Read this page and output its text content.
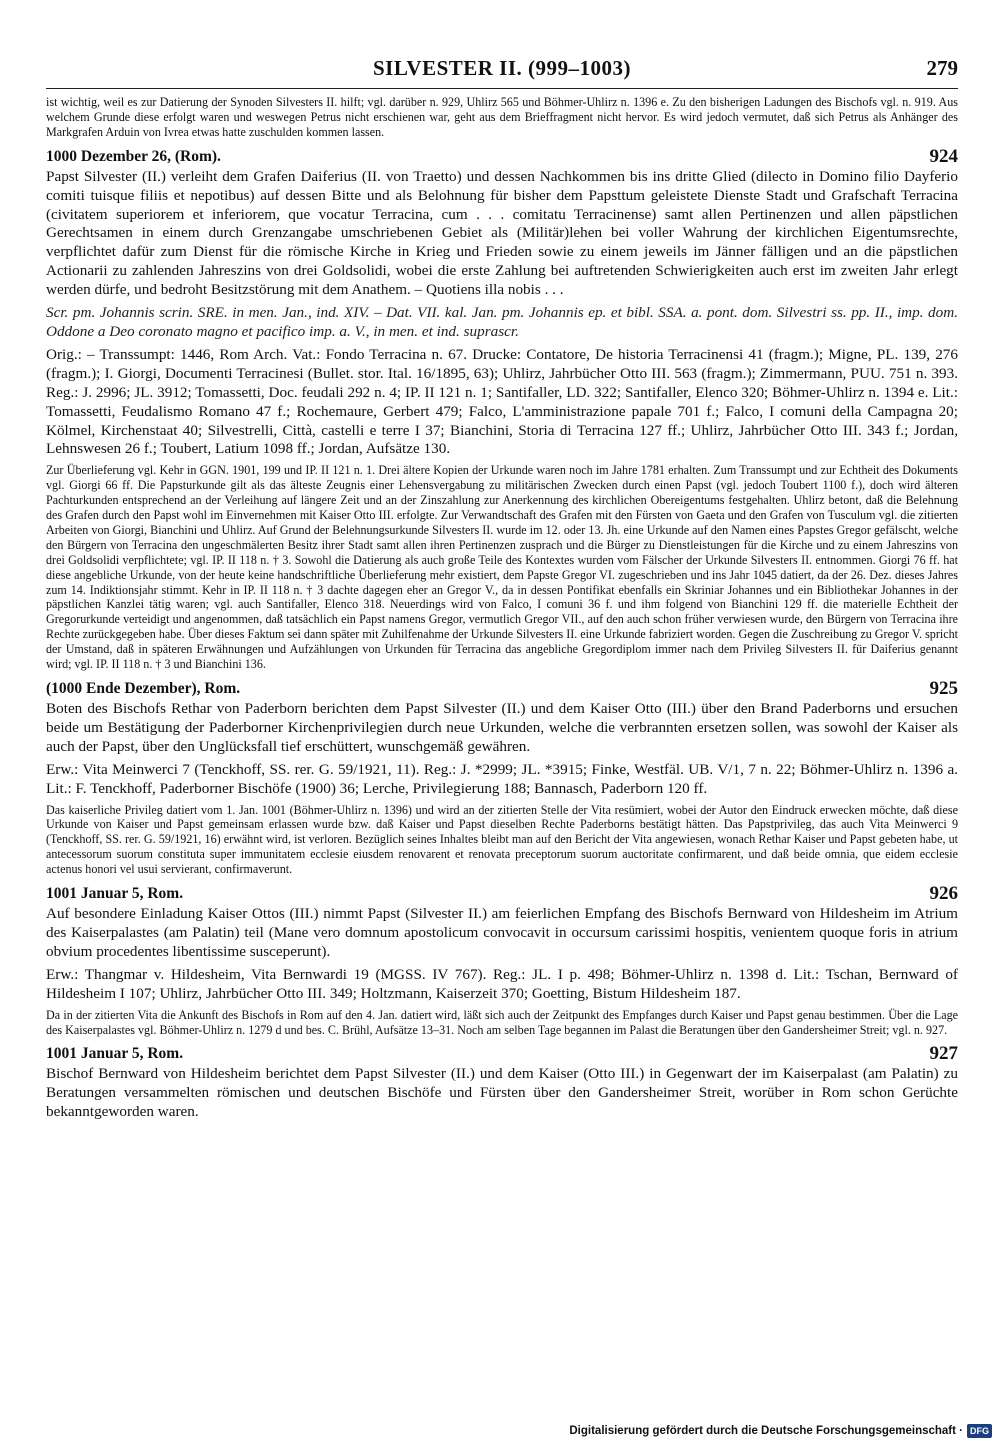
SILVESTER II. (999–1003)	279

ist wichtig, weil es zur Datierung der Synoden Silvesters II. hilft; vgl. darüber n. 929, Uhlirz 565 und Böhmer-Uhlirz n. 1396 e. Zu den bisherigen Ladungen des Bischofs vgl. n. 919. Aus welchem Grunde diese erfolgt waren und weswegen Petrus nicht erschienen war, geht aus dem Brieffragment nicht hervor. Es wird jedoch vermutet, daß sich Petrus als Anhänger des Markgrafen Arduin von Ivrea etwas hatte zuschulden kommen lassen.

1000 Dezember 26, (Rom).	924

Papst Silvester (II.) verleiht dem Grafen Daiferius (II. von Traetto) und dessen Nachkommen bis ins dritte Glied (dilecto in Domino filio Dayferio comiti tuisque filiis et nepotibus) auf dessen Bitte und als Belohnung für bisher dem Papsttum geleistete Dienste Stadt und Grafschaft Terracina (civitatem superiorem et inferiorem, que vocatur Terracina, cum . . . comitatu Terracinense) samt allen Pertinenzen und allen päpstlichen Gerechtsamen in einem durch Grenzangabe umschriebenen Gebiet als (Militär)lehen bei voller Wahrung der kirchlichen Eigentumsrechte, verpflichtet dafür zum Dienst für die römische Kirche in Krieg und Frieden sowie zu einem jeweils im Jänner fälligen und an die päpstlichen Actionarii zu zahlenden Jahreszins von drei Goldsolidi, wobei die erste Zahlung bei auftretenden Schwierigkeiten auch erst im zweiten Jahr erlegt werden dürfe, und bedroht Besitzstörung mit dem Anathem. – Quotiens illa nobis . . .

Scr. pm. Johannis scrin. SRE. in men. Jan., ind. XIV. – Dat. VII. kal. Jan. pm. Johannis ep. et bibl. SSA. a. pont. dom. Silvestri ss. pp. II., imp. dom. Oddone a Deo coronato magno et pacifico imp. a. V., in men. et ind. suprascr.

Orig.: – Transsumpt: 1446, Rom Arch. Vat.: Fondo Terracina n. 67. Drucke: Contatore, De historia Terracinensi 41 (fragm.); Migne, PL. 139, 276 (fragm.); I. Giorgi, Documenti Terracinesi (Bullet. stor. Ital. 16/1895, 63); Uhlirz, Jahrbücher Otto III. 563 (fragm.); Zimmermann, PUU. 751 n. 393. Reg.: J. 2996; JL. 3912; Tomassetti, Doc. feudali 292 n. 4; IP. II 121 n. 1; Santifaller, LD. 322; Santifaller, Elenco 320; Böhmer-Uhlirz n. 1394 e. Lit.: Tomassetti, Feudalismo Romano 47 f.; Rochemaure, Gerbert 479; Falco, L'amministrazione papale 701 f.; Falco, I comuni della Campagna 20; Kölmel, Kirchenstaat 40; Silvestrelli, Città, castelli e terre I 37; Bianchini, Storia di Terracina 127 ff.; Uhlirz, Jahrbücher Otto III. 343 f.; Jordan, Lehnswesen 26 f.; Toubert, Latium 1098 ff.; Jordan, Aufsätze 130.

Zur Überlieferung vgl. Kehr in GGN. 1901, 199 und IP. II 121 n. 1. Drei ältere Kopien der Urkunde waren noch im Jahre 1781 erhalten. Zum Transsumpt und zur Echtheit des Dokuments vgl. Giorgi 66 ff. Die Papsturkunde gilt als das älteste Zeugnis einer Lehensvergabung zu militärischen Zwecken durch einen Papst (vgl. jedoch Toubert 1100 f.), doch wird älteren Pachturkunden entsprechend an der Verleihung auf längere Zeit und an der Zinszahlung zur Anerkennung des kirchlichen Obereigentums festgehalten. Uhlirz betont, daß die Belehnung des Grafen durch den Papst wohl im Einvernehmen mit Kaiser Otto III. erfolgte. Zur Verwandtschaft des Grafen mit den Fürsten von Gaeta und den Grafen von Tusculum vgl. die zitierten Arbeiten von Giorgi, Bianchini und Uhlirz. Auf Grund der Belehnungsurkunde Silvesters II. wurde im 12. oder 13. Jh. eine Urkunde auf den Namen eines Papstes Gregor gefälscht, welche den Bürgern von Terracina den ungeschmälerten Besitz ihrer Stadt samt allen ihren Pertinenzen zusprach und die Bürger zu Dienstleistungen für die Kirche und zu einem Jahreszins von drei Goldsolidi verpflichtete; vgl. IP. II 118 n. † 3. Sowohl die Datierung als auch große Teile des Kontextes wurden vom Fälscher der Urkunde Silvesters II. entnommen. Giorgi 76 ff. hat diese angebliche Urkunde, von der heute keine handschriftliche Überlieferung mehr existiert, dem Papste Gregor VI. zugeschrieben und ins Jahr 1045 datiert, da der 26. Dez. dieses Jahres zum 14. Indiktionsjahr stimmt. Kehr in IP. II 118 n. † 3 dachte dagegen eher an Gregor V., da in dessen Pontifikat ebenfalls ein Skriniar Johannes und ein Bibliothekar Johannes in der päpstlichen Kanzlei tätig waren; vgl. auch Santifaller, Elenco 318. Neuerdings wird von Falco, I comuni 36 f. und ihm folgend von Bianchini 129 ff. die materielle Echtheit der Gregorurkunde verteidigt und angenommen, daß tatsächlich ein Papst namens Gregor, vermutlich Gregor VII., auf den auch schon früher verwiesen wurde, den Bürgern von Terracina ihre Rechte zurückgegeben habe. Über dieses Faktum sei dann später mit Zuhilfenahme der Urkunde Silvesters II. eine Urkunde fabriziert worden. Gegen die Zuschreibung zu Gregor V. spricht der Umstand, daß in späteren Erwähnungen und Aufzählungen von Urkunden für Terracina das angebliche Gregordiplom immer nach dem Privileg Silvesters II. für Daiferius genannt wird; vgl. IP. II 118 n. † 3 und Bianchini 136.

(1000 Ende Dezember), Rom.	925

Boten des Bischofs Rethar von Paderborn berichten dem Papst Silvester (II.) und dem Kaiser Otto (III.) über den Brand Paderborns und ersuchen beide um Bestätigung der Paderborner Kirchenprivilegien durch neue Urkunden, welche die verbrannten ersetzen sollen, was sowohl der Kaiser als auch der Papst, über den Unglücksfall tief erschüttert, wunschgemäß gewähren.

Erw.: Vita Meinwerci 7 (Tenckhoff, SS. rer. G. 59/1921, 11). Reg.: J. *2999; JL. *3915; Finke, Westfäl. UB. V/1, 7 n. 22; Böhmer-Uhlirz n. 1396 a. Lit.: F. Tenckhoff, Paderborner Bischöfe (1900) 36; Lerche, Privilegierung 188; Bannasch, Paderborn 120 ff.

Das kaiserliche Privileg datiert vom 1. Jan. 1001 (Böhmer-Uhlirz n. 1396) und wird an der zitierten Stelle der Vita resümiert, wobei der Autor den Eindruck erwecken möchte, daß diese Urkunde von Kaiser und Papst gemeinsam erlassen wurde bzw. daß Kaiser und Papst dieselben Rechte Paderborns bestätigt hätten. Das Papstprivileg, das auch Vita Meinwerci 9 (Tenckhoff, SS. rer. G. 59/1921, 16) erwähnt wird, ist verloren. Bezüglich seines Inhaltes bleibt man auf den Bericht der Vita angewiesen, wonach Rethar Kaiser und Papst gebeten habe, ut antecessorum suorum constituta super immunitatem ecclesie eiusdem renovarent et renovata preceptorum suorum auctoritate confirmarent, und daß beide omnia, que eidem ecclesie actenus honori vel usui servierant, confirmaverunt.

1001 Januar 5, Rom.	926

Auf besondere Einladung Kaiser Ottos (III.) nimmt Papst (Silvester II.) am feierlichen Empfang des Bischofs Bernward von Hildesheim im Atrium des Kaiserpalastes (am Palatin) teil (Mane vero domnum apostolicum convocavit in occursum carissimi hospitis, venientem quoque foris in atrium obvium procedentes libentissime susceperunt).

Erw.: Thangmar v. Hildesheim, Vita Bernwardi 19 (MGSS. IV 767). Reg.: JL. I p. 498; Böhmer-Uhlirz n. 1398 d. Lit.: Tschan, Bernward of Hildesheim I 107; Uhlirz, Jahrbücher Otto III. 349; Holtzmann, Kaiserzeit 370; Goetting, Bistum Hildesheim 187.

Da in der zitierten Vita die Ankunft des Bischofs in Rom auf den 4. Jan. datiert wird, läßt sich auch der Zeitpunkt des Empfanges durch Kaiser und Papst genau bestimmen. Über die Lage des Kaiserpalastes vgl. Böhmer-Uhlirz n. 1279 d und bes. C. Brühl, Aufsätze 13–31. Noch am selben Tage begannen im Palast die Beratungen über den Gandersheimer Streit; vgl. n. 927.

1001 Januar 5, Rom.	927

Bischof Bernward von Hildesheim berichtet dem Papst Silvester (II.) und dem Kaiser (Otto III.) in Gegenwart der im Kaiserpalast (am Palatin) zu Beratungen versammelten römischen und deutschen Bischöfe und Fürsten über den Gandersheimer Streit, worüber in Rom schon Gerüchte bekanntgeworden waren.

Digitalisierung gefördert durch die Deutsche Forschungsgemeinschaft · DFG
